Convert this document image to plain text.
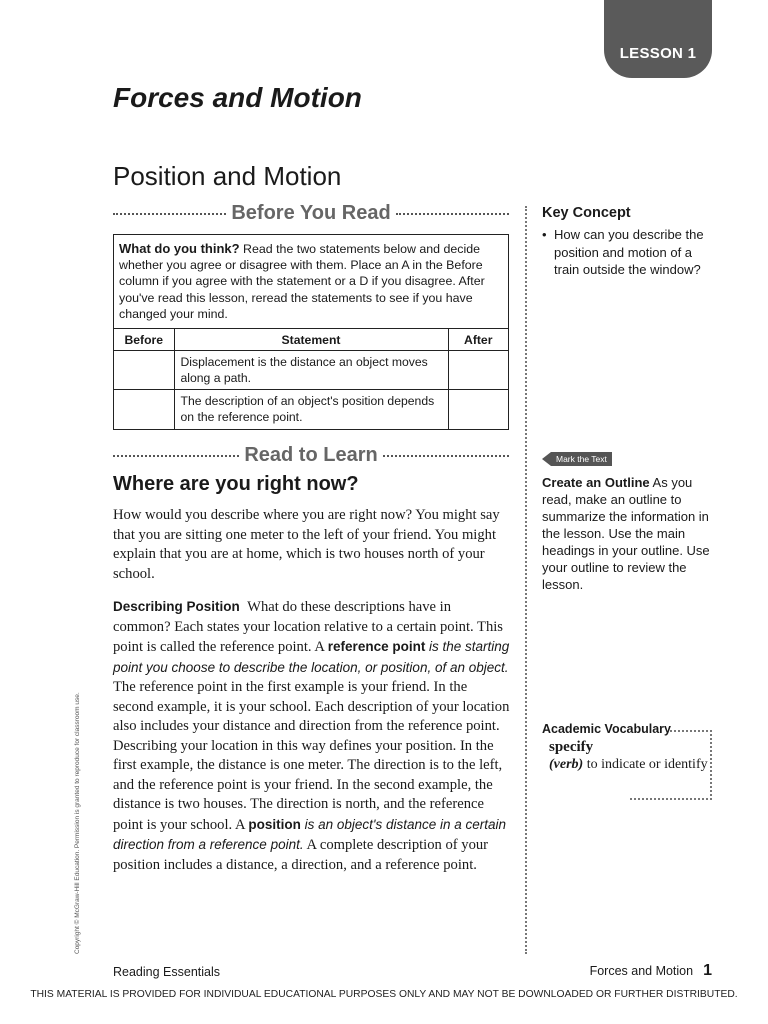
LESSON 1
Forces and Motion
Position and Motion
Before You Read
What do you think? Read the two statements below and decide whether you agree or disagree with them. Place an A in the Before column if you agree with the statement or a D if you disagree. After you've read this lesson, reread the statements to see if you have changed your mind.
Before	Statement	After
	Displacement is the distance an object moves along a path.	
	The description of an object's position depends on the reference point.	
Read to Learn
Where are you right now?

How would you describe where you are right now? You might say that you are sitting one meter to the left of your friend. You might explain that you are at home, which is two houses north of your school.

Describing Position What do these descriptions have in common? Each states your location relative to a certain point. This point is called the reference point. A reference point is the starting point you choose to describe the location, or position, of an object. The reference point in the first example is your friend. In the second example, it is your school. Each description of your location also includes your distance and direction from the reference point. Describing your location in this way defines your position. In the first example, the distance is one meter. The direction is to the left, and the reference point is your friend. In the second example, the distance is two houses. The direction is north, and the reference point is your school. A position is an object's distance in a certain direction from a reference point. A complete description of your position includes a distance, a direction, and a reference point.

Key Concept
• How can you describe the position and motion of a train outside the window?
Mark the Text
Create an Outline As you read, make an outline to summarize the information in the lesson. Use the main headings in your outline. Use your outline to review the lesson.
Academic Vocabulary
specify
(verb) to indicate or identify
Copyright © McGraw-Hill Education. Permission is granted to reproduce for classroom use.
Reading Essentials	Forces and Motion 1
THIS MATERIAL IS PROVIDED FOR INDIVIDUAL EDUCATIONAL PURPOSES ONLY AND MAY NOT BE DOWNLOADED OR FURTHER DISTRIBUTED.
